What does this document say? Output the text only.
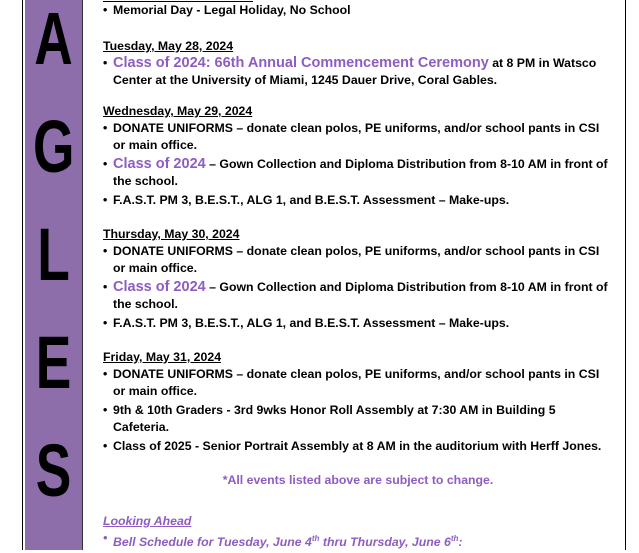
A
G
L
E
S
• Memorial Day - Legal Holiday, No School
Tuesday, May 28, 2024
• Class of 2024: 66th Annual Commencement Ceremony at 8 PM in Watsco Center at the University of Miami, 1245 Dauer Drive, Coral Gables.
Wednesday, May 29, 2024
• DONATE UNIFORMS – donate clean polos, PE uniforms, and/or school pants in CSI or main office.
• Class of 2024 – Gown Collection and Diploma Distribution from 8-10 AM in front of the school.
• F.A.S.T. PM 3, B.E.S.T., ALG 1, and B.E.S.T. Assessment – Make-ups.
Thursday, May 30, 2024
• DONATE UNIFORMS – donate clean polos, PE uniforms, and/or school pants in CSI or main office.
• Class of 2024 – Gown Collection and Diploma Distribution from 8-10 AM in front of the school.
• F.A.S.T. PM 3, B.E.S.T., ALG 1, and B.E.S.T. Assessment – Make-ups.
Friday, May 31, 2024
• DONATE UNIFORMS – donate clean polos, PE uniforms, and/or school pants in CSI or main office.
• 9th & 10th Graders - 3rd 9wks Honor Roll Assembly at 7:30 AM in Building 5 Cafeteria.
• Class of 2025 - Senior Portrait Assembly at 8 AM in the auditorium with Herff Jones.
*All events listed above are subject to change.
Looking Ahead
• Bell Schedule for Tuesday, June 4th thru Thursday, June 6th:
